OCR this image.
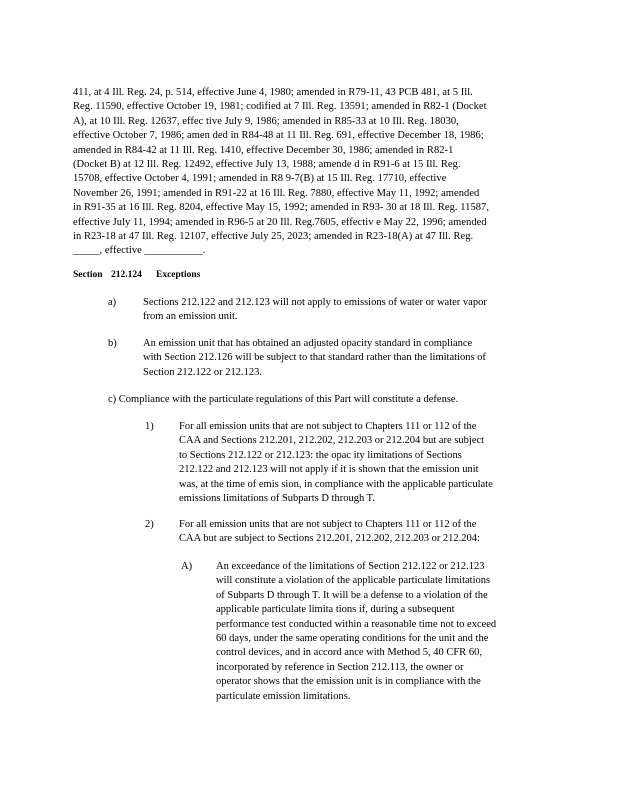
411, at 4 Ill. Reg. 24, p. 514, effective June 4, 1980; amended in R79-11, 43 PCB 481, at 5 Ill.
Reg. 11590, effective October 19, 1981; codified at 7 Ill. Reg. 13591; amended in R82-1 (Docket
A), at 10 Ill. Reg. 12637, effec tive July 9, 1986; amended in R85-33 at 10 Ill. Reg. 18030,
effective October 7, 1986; amen ded in R84-48 at 11 Ill. Reg. 691, effective December 18, 1986;
amended in R84-42 at 11 Ill. Reg. 1410, effective December 30, 1986; amended in R82-1
(Docket B) at 12 Ill. Reg. 12492, effective July 13, 1988; amende d in R91-6 at 15 Ill. Reg.
15708, effective October 4, 1991; amended in R8 9-7(B) at 15 Ill. Reg. 17710, effective
November 26, 1991; amended in R91-22 at 16 Ill. Reg. 7880, effective May 11, 1992; amended
in R91-35 at 16 Ill. Reg. 8204, effective May 15, 1992; amended in R93- 30 at 18 Ill. Reg. 11587,
effective July 11, 1994; amended in R96-5 at 20 Ill. Reg.7605, effectiv e May 22, 1996; amended
in R23-18 at 47 Ill. Reg. 12107, effective July 25, 2023; amended in R23-18(A) at 47 Ill. Reg.
_____, effective ___________.
Section 212.124 Exceptions
a)	Sections 212.122 and 212.123 will not apply to emissions of water or water vapor
from an emission unit.
b)	An emission unit that has obtained an adjusted opacity standard in compliance
with Section 212.126 will be subject to that standard rather than the limitations of
Section 212.122 or 212.123.
c) Compliance with the particulate regulations of this Part will constitute a defense.
1) For all emission units that are not subject to Chapters 111 or 112 of the
CAA and Sections 212.201, 212.202, 212.203 or 212.204 but are subject
to Sections 212.122 or 212.123: the opac ity limitations of Sections
212.122 and 212.123 will not apply if it is shown that the emission unit
was, at the time of emis sion, in compliance with the applicable particulate
emissions limitations of Subparts D through T.
2) For all emission units that are not subject to Chapters 111 or 112 of the
CAA but are subject to Sections 212.201, 212.202, 212.203 or 212.204:
A) An exceedance of the limitations of Section 212.122 or 212.123
will constitute a violation of the applicable particulate limitations
of Subparts D through T. It will be a defense to a violation of the
applicable particulate limita tions if, during a subsequent
performance test conducted within a reasonable time not to exceed
60 days, under the same operating conditions for the unit and the
control devices, and in accord ance with Method 5, 40 CFR 60,
incorporated by reference in Section 212.113, the owner or
operator shows that the emission unit is in compliance with the
particulate emission limitations.
